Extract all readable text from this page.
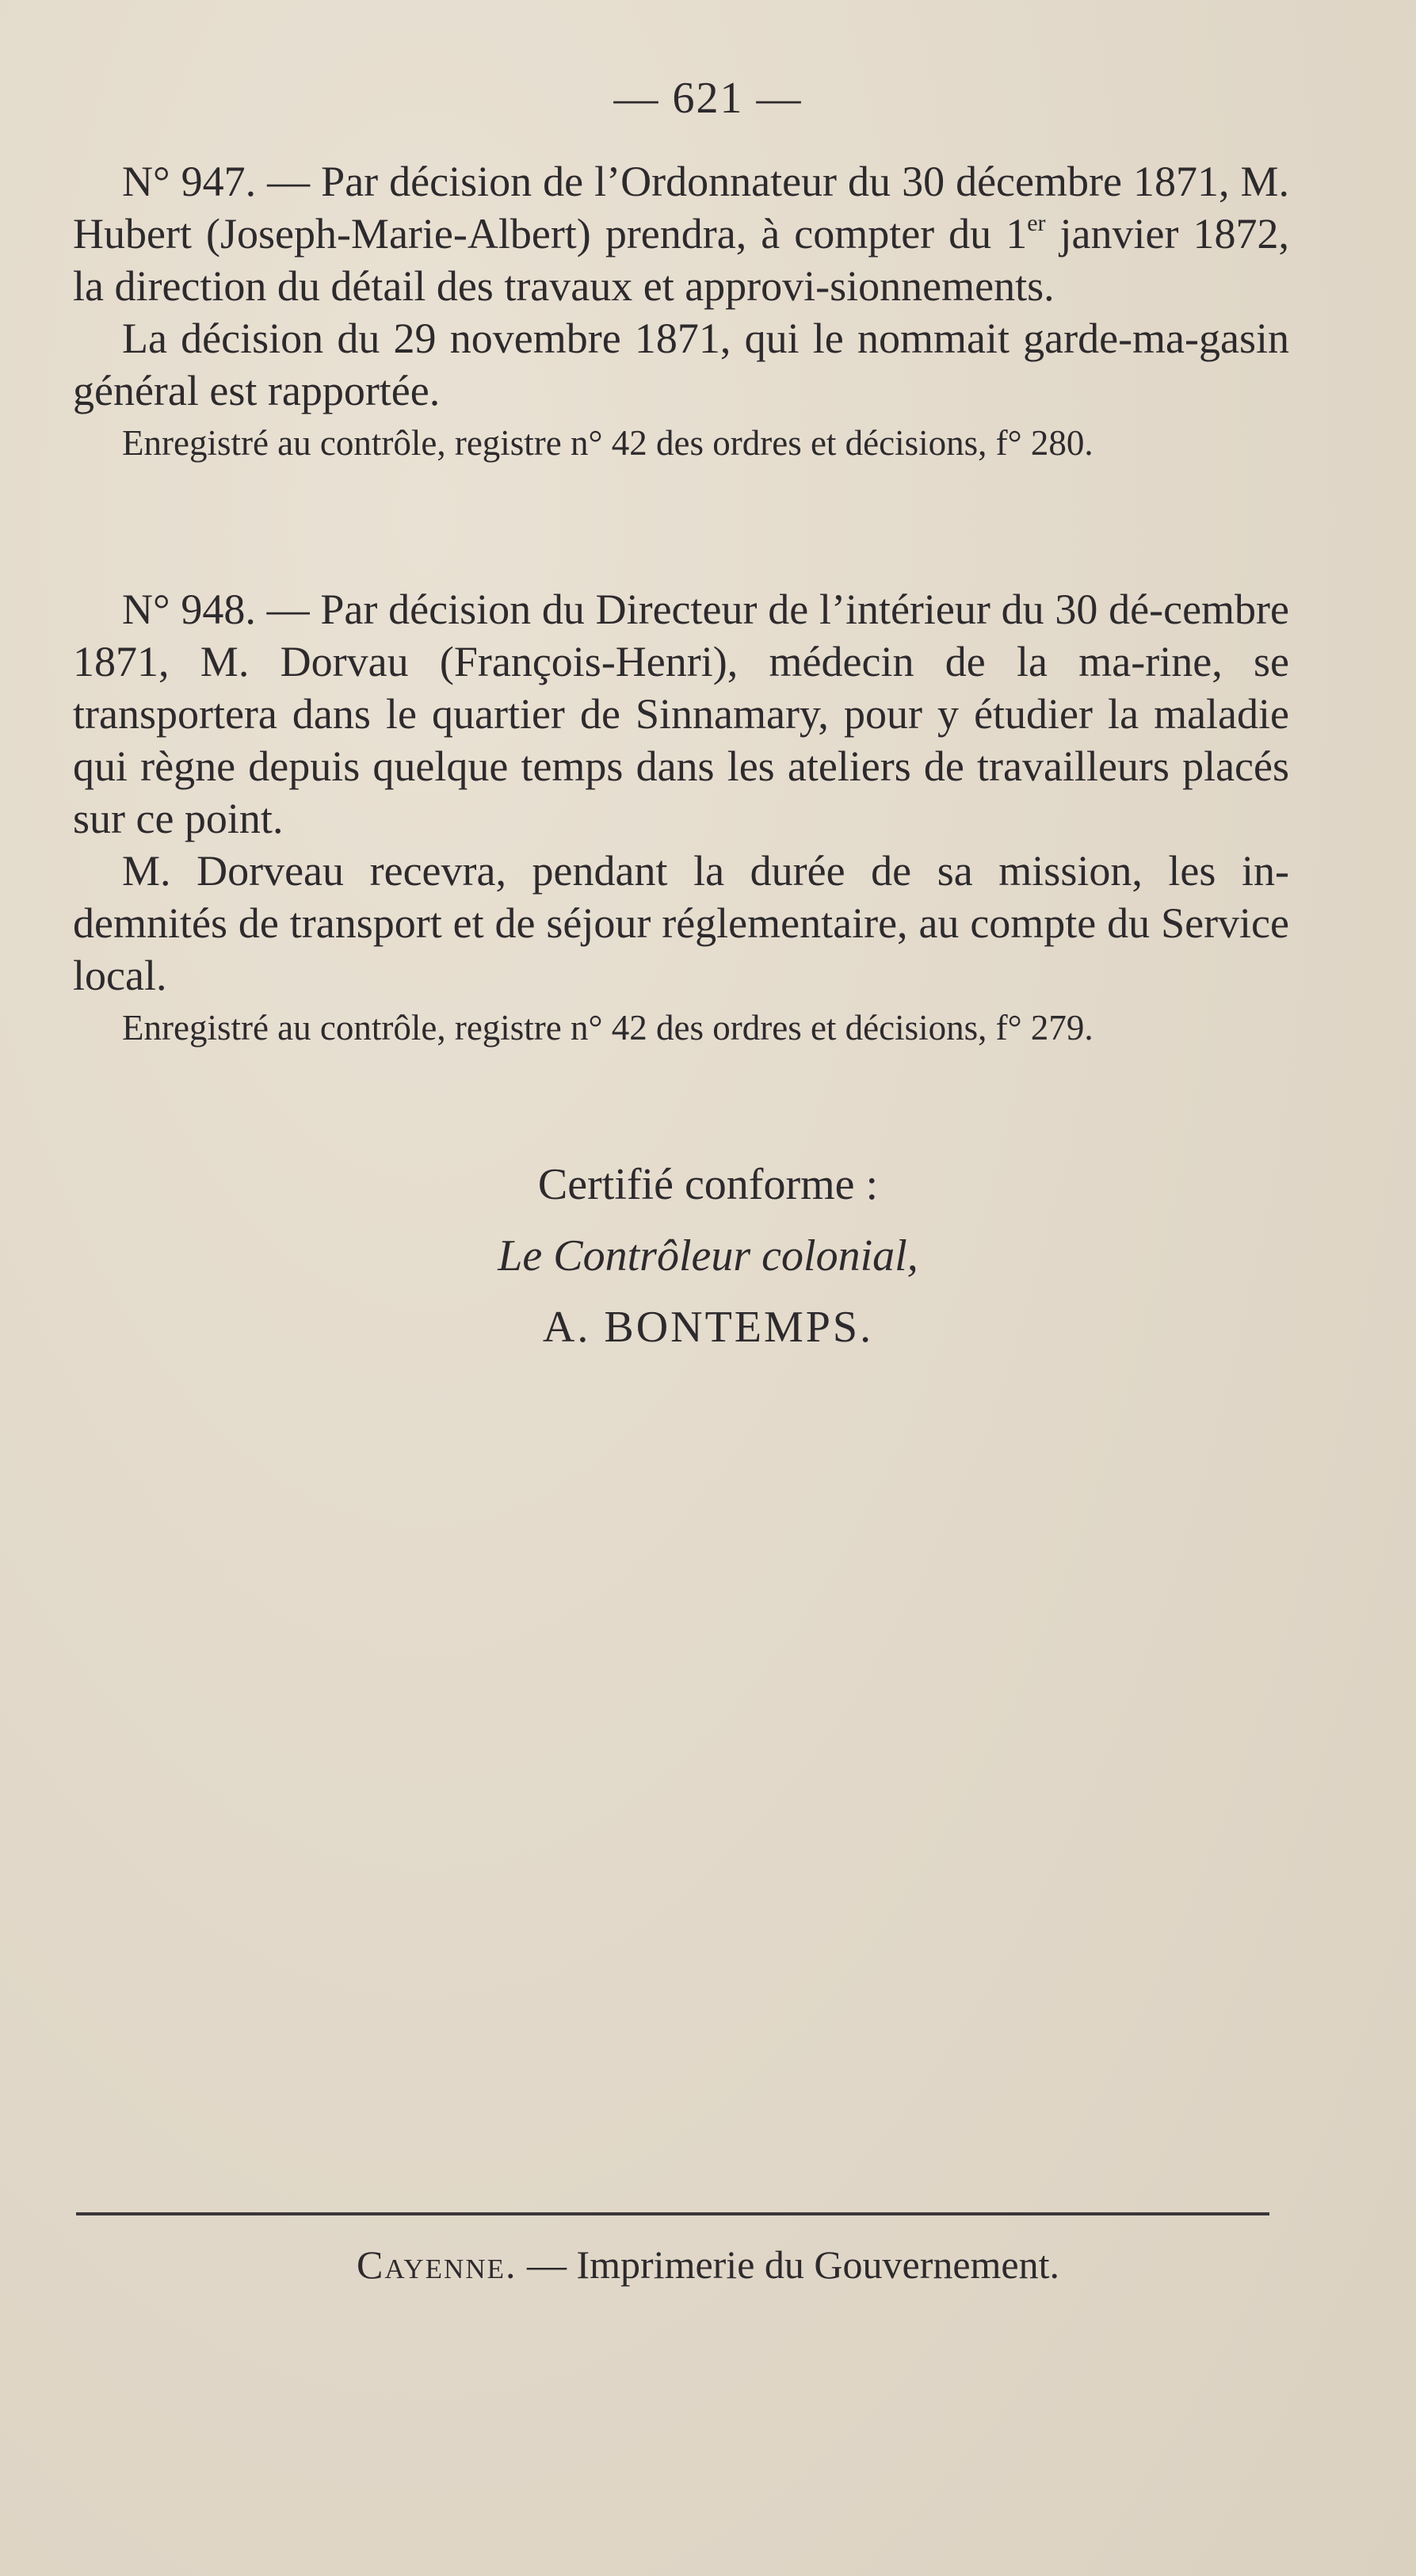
— 621 —

N° 947. — Par décision de l’Ordonnateur du 30 décembre 1871, M. Hubert (Joseph-Marie-Albert) prendra, à compter du 1er janvier 1872, la direction du détail des travaux et approvi-sionnements.

La décision du 29 novembre 1871, qui le nommait garde-ma-gasin général est rapportée.

Enregistré au contrôle, registre n° 42 des ordres et décisions, f° 280.

N° 948. — Par décision du Directeur de l’intérieur du 30 dé-cembre 1871, M. Dorvau (François-Henri), médecin de la ma-rine, se transportera dans le quartier de Sinnamary, pour y étudier la maladie qui règne depuis quelque temps dans les ateliers de travailleurs placés sur ce point.

M. Dorveau recevra, pendant la durée de sa mission, les in-demnités de transport et de séjour réglementaire, au compte du Service local.

Enregistré au contrôle, registre n° 42 des ordres et décisions, f° 279.

Certifié conforme :
Le Contrôleur colonial,
A. BONTEMPS.
Cayenne. — Imprimerie du Gouvernement.
